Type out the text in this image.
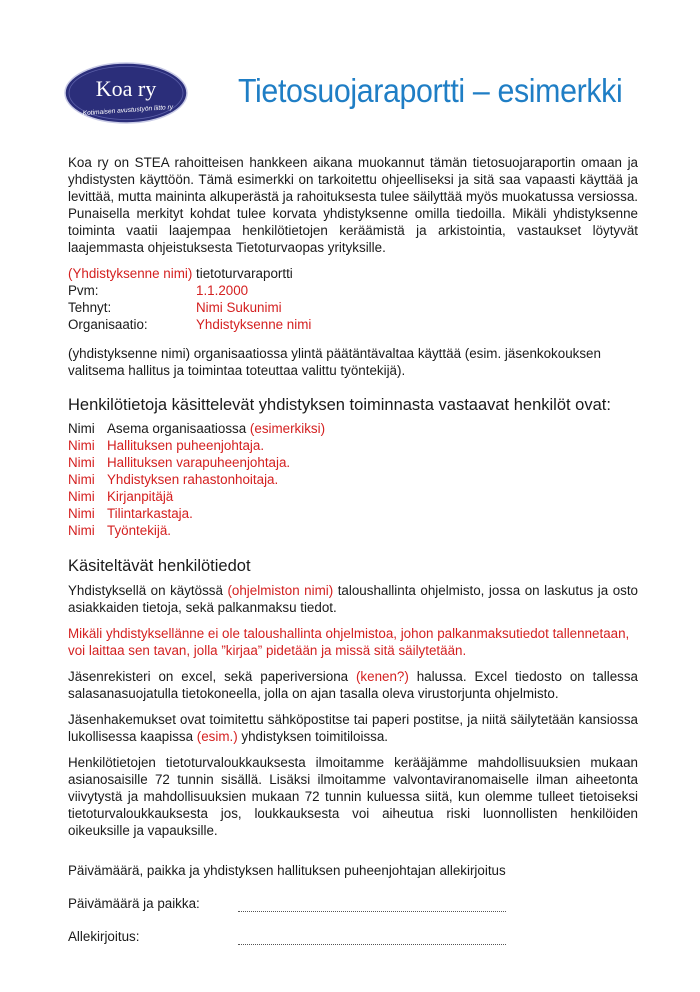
Koa ry
Kotimaisen avustustyön liitto ry
Tietosuojaraportti – esimerkki

Koa ry on STEA rahoitteisen hankkeen aikana muokannut tämän tietosuojaraportin omaan ja yhdistysten käyttöön. Tämä esimerkki on tarkoitettu ohjeelliseksi ja sitä saa vapaasti käyttää ja levittää, mutta maininta alkuperästä ja rahoituksesta tulee säilyttää myös muokatussa versiossa. Punaisella merkityt kohdat tulee korvata yhdistyksenne omilla tiedoilla. Mikäli yhdistyksenne toiminta vaatii laajempaa henkilötietojen keräämistä ja arkistointia, vastaukset löytyvät laajemmasta ohjeistuksesta Tietoturvaopas yrityksille.

(Yhdistyksenne nimi) tietoturvaraportti
Pvm:	1.1.2000
Tehnyt:	Nimi Sukunimi
Organisaatio:	Yhdistyksenne nimi

(yhdistyksenne nimi) organisaatiossa ylintä päätäntävaltaa käyttää (esim. jäsenkokouksen valitsema hallitus ja toimintaa toteuttaa valittu työntekijä).

Henkilötietoja käsittelevät yhdistyksen toiminnasta vastaavat henkilöt ovat:
Nimi Asema organisaatiossa (esimerkiksi)
Nimi Hallituksen puheenjohtaja.
Nimi Hallituksen varapuheenjohtaja.
Nimi Yhdistyksen rahastonhoitaja.
Nimi Kirjanpitäjä
Nimi Tilintarkastaja.
Nimi Työntekijä.
Käsiteltävät henkilötiedot

Yhdistyksellä on käytössä (ohjelmiston nimi) taloushallinta ohjelmisto, jossa on laskutus ja osto asiakkaiden tietoja, sekä palkanmaksu tiedot.

Mikäli yhdistyksellänne ei ole taloushallinta ohjelmistoa, johon palkanmaksutiedot tallennetaan, voi laittaa sen tavan, jolla ”kirjaa” pidetään ja missä sitä säilytetään.

Jäsenrekisteri on excel, sekä paperiversiona (kenen?) halussa. Excel tiedosto on tallessa salasanasuojatulla tietokoneella, jolla on ajan tasalla oleva virustorjunta ohjelmisto.

Jäsenhakemukset ovat toimitettu sähköpostitse tai paperi postitse, ja niitä säilytetään kansiossa lukollisessa kaapissa (esim.) yhdistyksen toimitiloissa.

Henkilötietojen tietoturvaloukkauksesta ilmoitamme kerääjämme mahdollisuuksien mukaan asianosaisille 72 tunnin sisällä. Lisäksi ilmoitamme valvontaviranomaiselle ilman aiheetonta viivytystä ja mahdollisuuksien mukaan 72 tunnin kuluessa siitä, kun olemme tulleet tietoiseksi tietoturvaloukkauksesta jos, loukkauksesta voi aiheutua riski luonnollisten henkilöiden oikeuksille ja vapauksille.

Päivämäärä, paikka ja yhdistyksen hallituksen puheenjohtajan allekirjoitus

Päivämäärä ja paikka:
Allekirjoitus:
